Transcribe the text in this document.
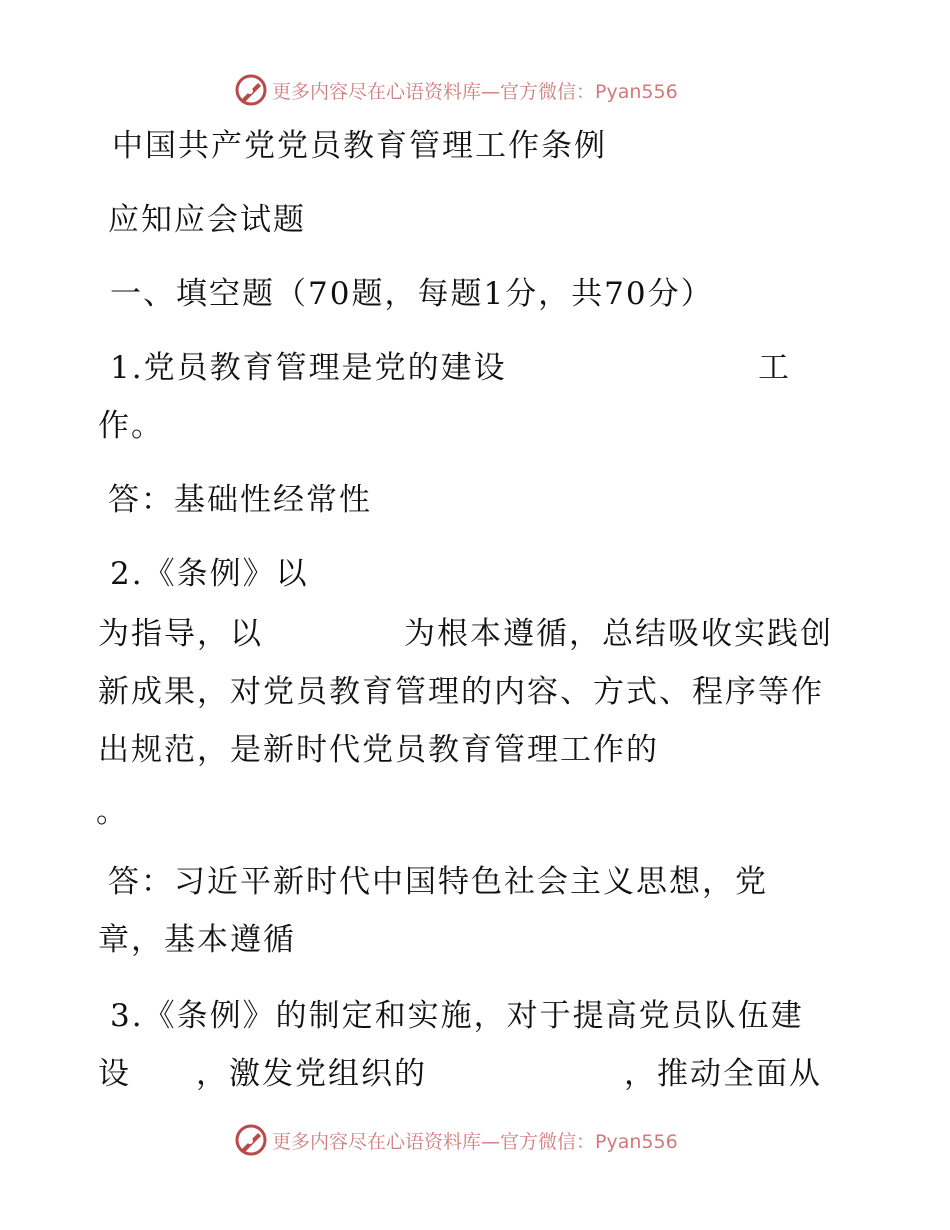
更多内容尽在心语资料库—官方微信：Pyan556
中国共产党党员教育管理工作条例
应知应会试题
一、填空题（70题，每题1分，共70分）
1.党员教育管理是党的建设	工
作。
答：基础性经常性
2.《条例》以
为指导，以	为根本遵循，总结吸收实践创
新成果，对党员教育管理的内容、方式、程序等作
出规范，是新时代党员教育管理工作的
。
答：习近平新时代中国特色社会主义思想，党
章，基本遵循
3.《条例》的制定和实施，对于提高党员队伍建
设 ，激发党组织的	，推动全面从
更多内容尽在心语资料库—官方微信：Pyan556
